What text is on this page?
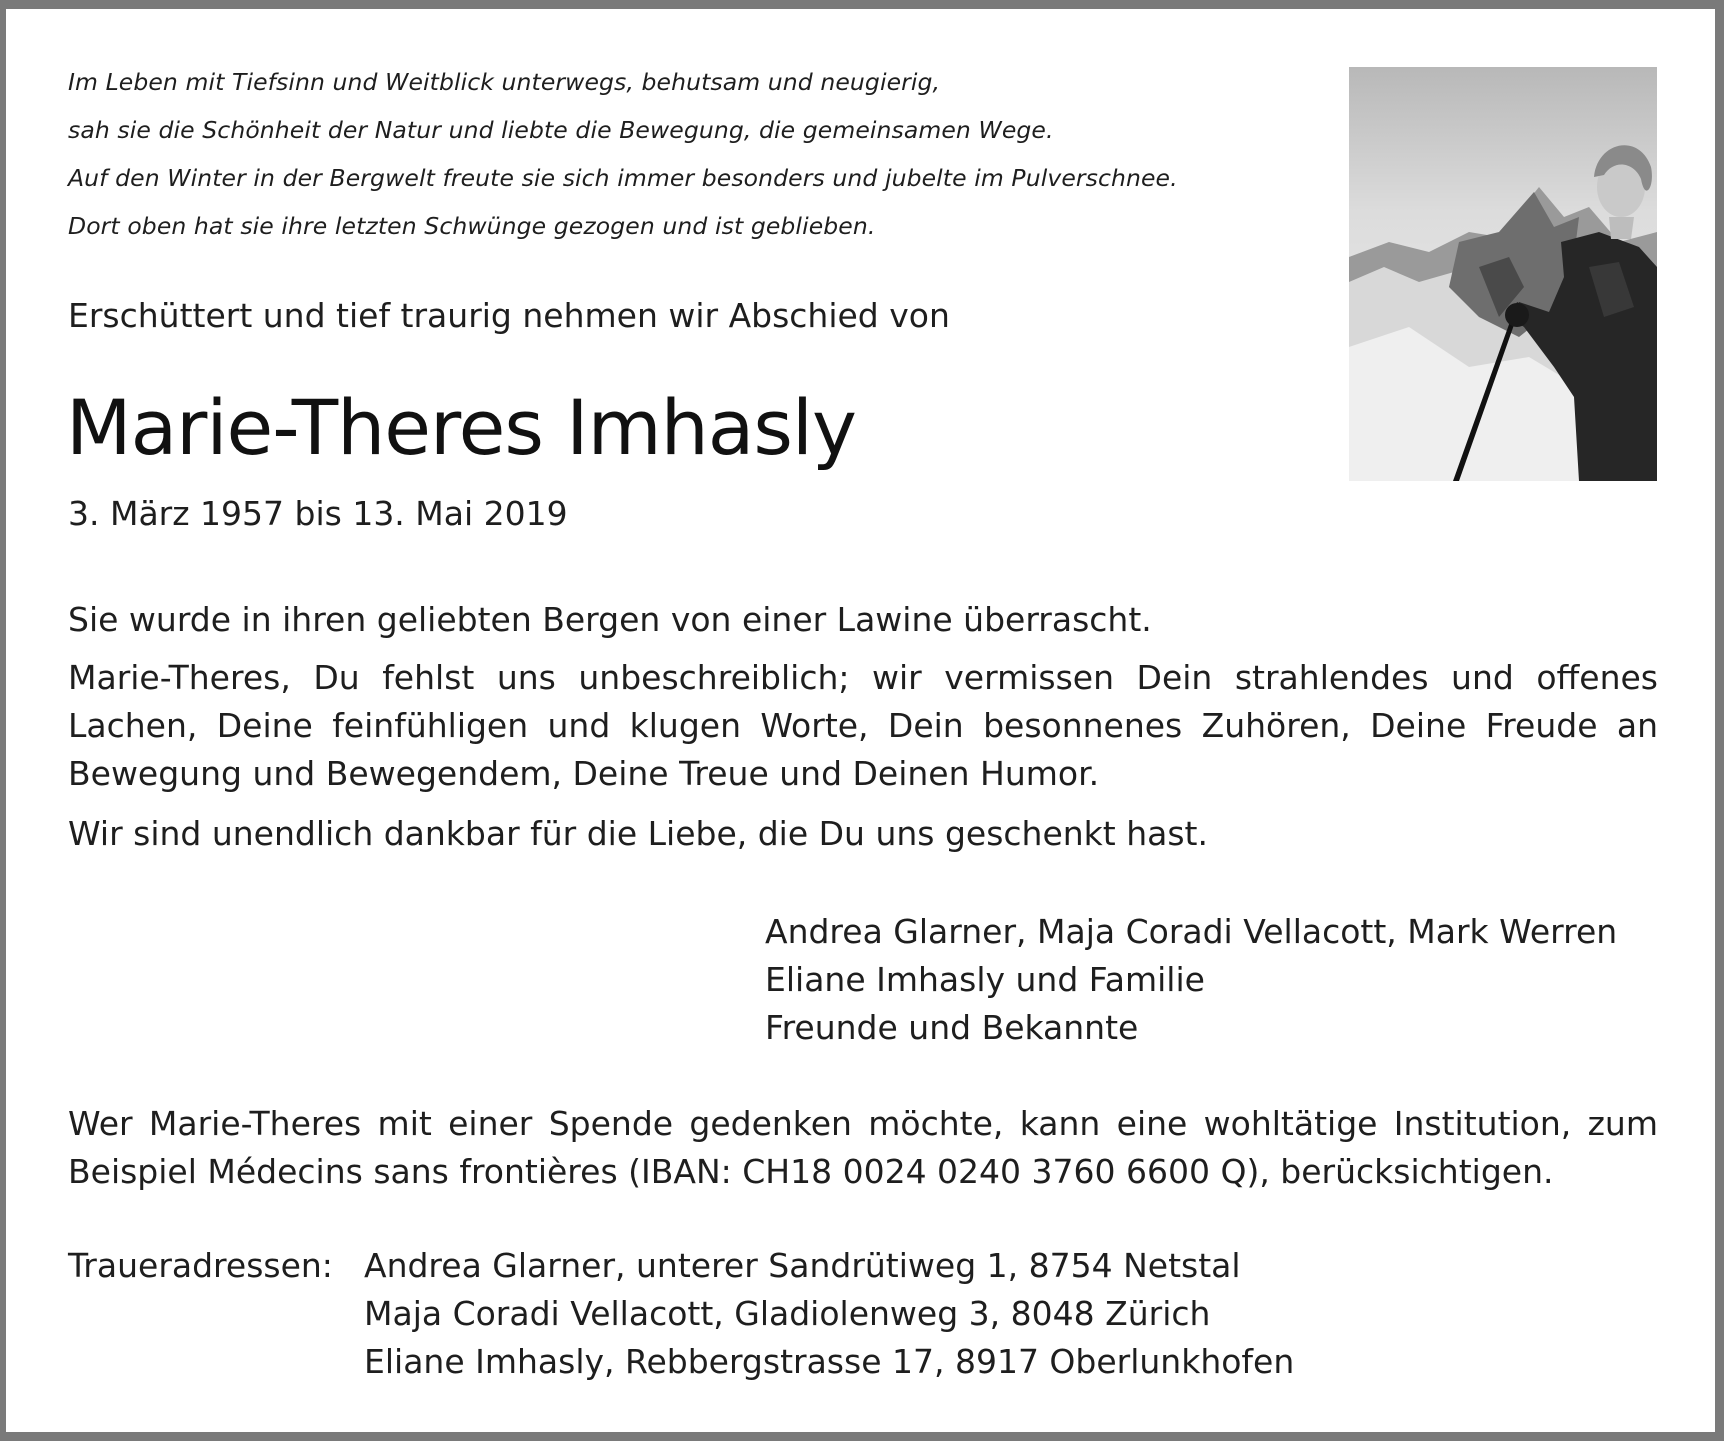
Im Leben mit Tiefsinn und Weitblick unterwegs, behutsam und neugierig,
sah sie die Schönheit der Natur und liebte die Bewegung, die gemeinsamen Wege.
Auf den Winter in der Bergwelt freute sie sich immer besonders und jubelte im Pulverschnee.
Dort oben hat sie ihre letzten Schwünge gezogen und ist geblieben.
Erschüttert und tief traurig nehmen wir Abschied von
Marie-Theres Imhasly
3. März 1957 bis 13. Mai 2019
Sie wurde in ihren geliebten Bergen von einer Lawine überrascht.
Marie-Theres, Du fehlst uns unbeschreiblich; wir vermissen Dein strahlendes und offenes Lachen, Deine feinfühligen und klugen Worte, Dein besonnenes Zuhören, Deine Freude an Bewegung und Bewegendem, Deine Treue und Deinen Humor.
Wir sind unendlich dankbar für die Liebe, die Du uns geschenkt hast.
Andrea Glarner, Maja Coradi Vellacott, Mark Werren
Eliane Imhasly und Familie
Freunde und Bekannte
Wer Marie-Theres mit einer Spende gedenken möchte, kann eine wohltätige Institution, zum Beispiel Médecins sans frontières (IBAN: CH18 0024 0240 3760 6600 Q), berücksichtigen.
Traueradressen: Andrea Glarner, unterer Sandrütiweg 1, 8754 Netstal
Maja Coradi Vellacott, Gladiolenweg 3, 8048 Zürich
Eliane Imhasly, Rebbergstrasse 17, 8917 Oberlunkhofen
